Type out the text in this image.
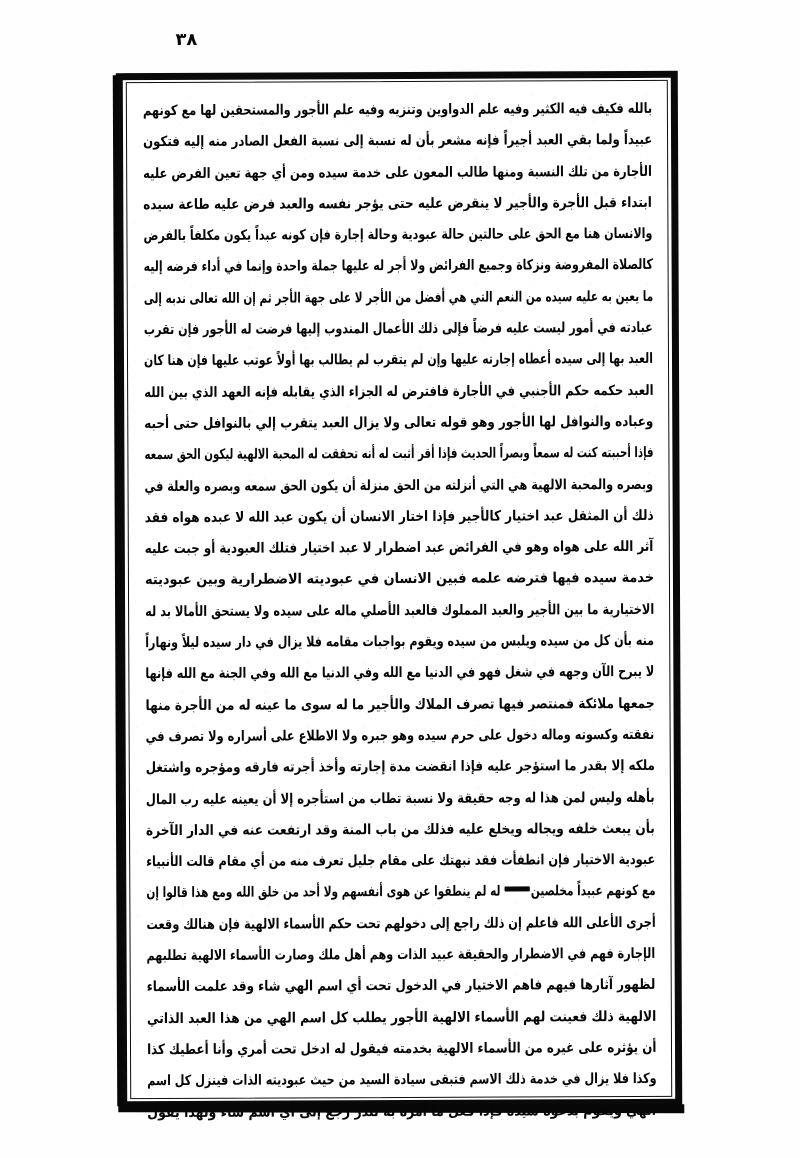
٨٣
بالله فكيف فيه الكثير وفيه علم الدواوين وتنزيه وفيه علم الأجور والمستحقين لها مع كونهم
عبيداً ولما بقي العبد أجيراً فإنه مشعر بأن له نسبة إلى نسبة الفعل الصادر منه إليه فتكون
الأجارة من تلك النسبة ومنها طالب المعون على خدمة سيده ومن أي جهة تعين الفرض عليه
ابتداء قبل الأجرة والأجير لا ينقرض عليه حتى يؤجر نفسه والعبد فرض عليه طاعة سيده
والانسان هنا مع الحق على حالتين حالة عبودية وحالة إجارة فإن كونه عبداً يكون مكلفاً بالفرض
كالصلاة المفروضة ونزكاة وجميع الفرائض ولا أجر له عليها جملة واحدة وإنما في أداء فرضه إليه
ما يعين به عليه سيده من النعم التي هي أفضل من الأجر لا على جهة الأجر ثم إن الله تعالى ندبه إلى
عبادته في أمور ليست عليه فرضاً فإلى ذلك الأعمال المندوب إليها فرضت له الأجور فإن تقرب
العبد بها إلى سيده أعطاه إجارته عليها وإن لم يتقرب لم يطالب بها أولاً عوتب عليها فإن هنا كان
العبد حكمه حكم الأجنبي في الأجارة فافترض له الجزاء الذي يقابله فإنه العهد الذي بين الله
وعباده والنوافل لها الأجور وهو قوله تعالى ولا يزال العبد يتقرب إلي بالنوافل حتى أحبه
فإذا أحببته كنت له سمعاً وبصراً الحديث فإذا أقر أثبت له أنه تحققت له المحبة الالهية ليكون الحق سمعه
وبصره والمحبة الالهية هي التي أنزلته من الحق منزلة أن يكون الحق سمعه وبصره والعلة في
ذلك أن المثقل عبد اختيار كالأجير فإذا اختار الانسان أن يكون عبد الله لا عبده هواه فقد
آثر الله على هواه وهو في الفرائض عبد اضطرار لا عبد اختيار فتلك العبودية أو جبت عليه
خدمة سيده فيها فترضه علمه فبين الانسان في عبوديته الاضطرارية وبين عبوديته
الاختيارية ما بين الأجير والعبد المملوك فالعبد الأصلي ماله على سيده ولا يستحق الأمالا بد له
منه بأن كل من سيده ويلبس من سيده ويقوم بواجبات مقامه فلا يزال في دار سيده ليلاً ونهاراً
لا يبرح الآن وجهه في شغل فهو في الدنيا مع الله وفي الدنيا مع الله وفي الجنة مع الله فإنها
جمعها ملائكة فمنتصر فيها تصرف الملاك والأجير ما له سوى ما عينه له من الأجرة منها
نفقته وكسوته وماله دخول على حرم سيده وهو جبره ولا الاطلاع على أسراره ولا تصرف في
ملكه إلا بقدر ما استؤجر عليه فإذا انقضت مدة إجارته وأخذ أجرته فارقه ومؤجره واشتغل
بأهله وليس لمن هذا له وجه حقيقة ولا نسبة تطاب من استأجره إلا أن يعينه عليه رب المال
بأن يبعث خلفه ويجاله ويخلع عليه فذلك من باب المنة وقد ارتفعت عنه في الدار الآخرة
عبودية الاختيار فإن انطفأت فقد نبهتك على مقام جليل تعرف منه من أي مقام قالت الأنبياء
مع كونهم عبيداً مخلصين له لم ينطقوا عن هوى أنفسهم ولا أحد من خلق الله ومع هذا قالوا إن
أجرى الأعلى الله فاعلم إن ذلك راجع إلى دخولهم تحت حكم الأسماء الالهية فإن هنالك وقعت
الإجارة فهم في الاضطرار والحقيقة عبيد الذات وهم أهل ملك وصارت الأسماء الالهية تطلبهم
لظهور آثارها فيهم فاهم الاختيار في الدخول تحت أي اسم الهي شاء وقد علمت الأسماء
الالهية ذلك فعينت لهم الأسماء الالهية الأجور يطلب كل اسم الهي من هذا العبد الذاتي
أن يؤثره على غيره من الأسماء الالهية بخدمته فيقول له ادخل تحت أمري وأنا أعطيك كذا
وكذا فلا يزال في خدمة ذلك الاسم فتبقى سيادة السيد من حيث عبوديته الذات فينزل كل اسم
الهي ويقوم بدعوة سيده فإذا فعل ما أمره به تنذر رجع إلى أي اسم شاء ولهذا يقول
